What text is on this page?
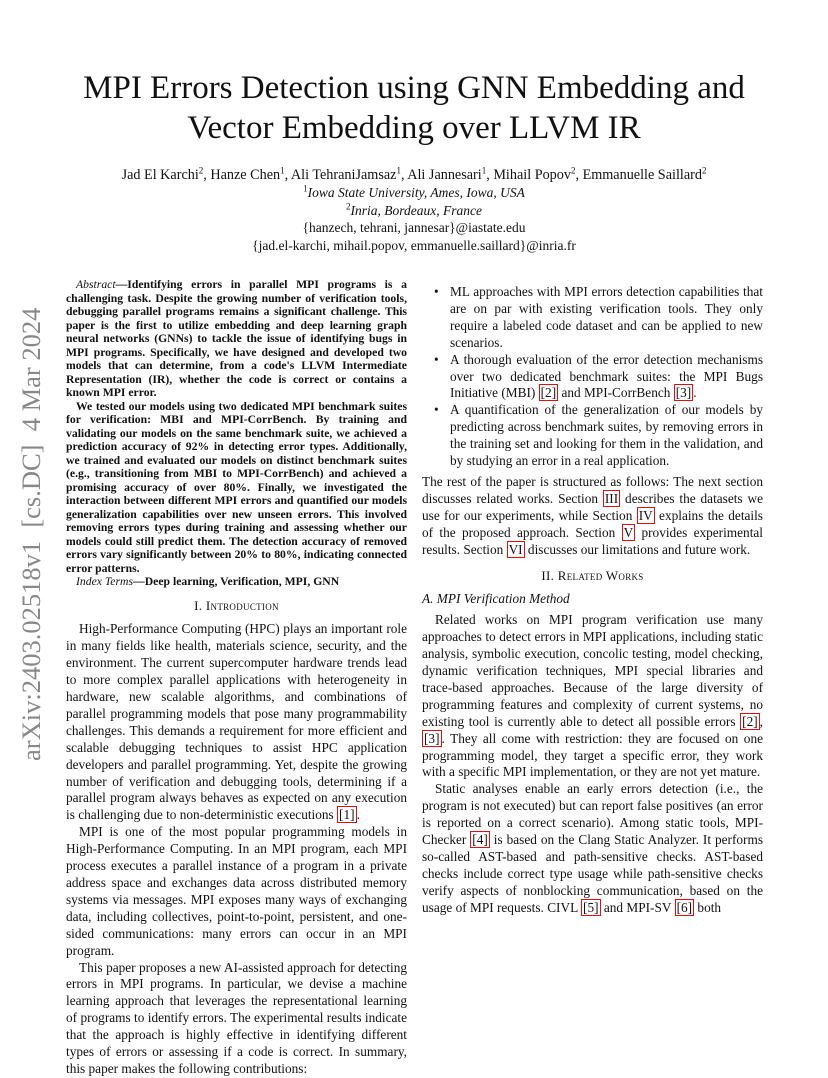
arXiv:2403.02518v1  [cs.DC]  4 Mar 2024
MPI Errors Detection using GNN Embedding and
Vector Embedding over LLVM IR
Jad El Karchi$^2$, Hanze Chen$^1$, Ali TehraniJamsaz$^1$, Ali Jannesari$^1$, Mihail Popov$^2$, Emmanuelle Saillard$^2$
$^1$Iowa State University, Ames, Iowa, USA
$^2$Inria, Bordeaux, France
{hanzech, tehrani, jannesar}@iastate.edu
{jad.el-karchi, mihail.popov, emmanuelle.saillard}@inria.fr

Abstract—Identifying errors in parallel MPI programs is a challenging task. Despite the growing number of verification tools, debugging parallel programs remains a significant challenge. This paper is the first to utilize embedding and deep learning graph neural networks (GNNs) to tackle the issue of identifying bugs in MPI programs. Specifically, we have designed and developed two models that can determine, from a code's LLVM Intermediate Representation (IR), whether the code is correct or contains a known MPI error.

We tested our models using two dedicated MPI benchmark suites for verification: MBI and MPI-CorrBench. By training and validating our models on the same benchmark suite, we achieved a prediction accuracy of 92% in detecting error types. Additionally, we trained and evaluated our models on distinct benchmark suites (e.g., transitioning from MBI to MPI-CorrBench) and achieved a promising accuracy of over 80%. Finally, we investigated the interaction between different MPI errors and quantified our models generalization capabilities over new unseen errors. This involved removing errors types during training and assessing whether our models could still predict them. The detection accuracy of removed errors vary significantly between 20% to 80%, indicating connected error patterns.

Index Terms—Deep learning, Verification, MPI, GNN

I. Introduction

High-Performance Computing (HPC) plays an important role in many fields like health, materials science, security, and the environment. The current supercomputer hardware trends lead to more complex parallel applications with heterogeneity in hardware, new scalable algorithms, and combinations of parallel programming models that pose many programmability challenges. This demands a requirement for more efficient and scalable debugging techniques to assist HPC application developers and parallel programming. Yet, despite the growing number of verification and debugging tools, determining if a parallel program always behaves as expected on any execution is challenging due to non-deterministic executions [1] .

MPI is one of the most popular programming models in High-Performance Computing. In an MPI program, each MPI process executes a parallel instance of a program in a private address space and exchanges data across distributed memory systems via messages. MPI exposes many ways of exchanging data, including collectives, point-to-point, persistent, and one-sided communications: many errors can occur in an MPI program.

This paper proposes a new AI-assisted approach for detecting errors in MPI programs. In particular, we devise a machine learning approach that leverages the representational learning of programs to identify errors. The experimental results indicate that the approach is highly effective in identifying different types of errors or assessing if a code is correct. In summary, this paper makes the following contributions:

• ML approaches with MPI errors detection capabilities that are on par with existing verification tools. They only require a labeled code dataset and can be applied to new scenarios.
• A thorough evaluation of the error detection mechanisms over two dedicated benchmark suites: the MPI Bugs Initiative (MBI) [2] and MPI-CorrBench [3] .
• A quantification of the generalization of our models by predicting across benchmark suites, by removing errors in the training set and looking for them in the validation, and by studying an error in a real application.

The rest of the paper is structured as follows: The next section discusses related works. Section III describes the datasets we use for our experiments, while Section IV explains the details of the proposed approach. Section V provides experimental results. Section VI discusses our limitations and future work.

II. Related Works
A. MPI Verification Method

Related works on MPI program verification use many approaches to detect errors in MPI applications, including static analysis, symbolic execution, concolic testing, model checking, dynamic verification techniques, MPI special libraries and trace-based approaches. Because of the large diversity of programming features and complexity of current systems, no existing tool is currently able to detect all possible errors [2] , [3] . They all come with restriction: they are focused on one programming model, they target a specific error, they work with a specific MPI implementation, or they are not yet mature.

Static analyses enable an early errors detection (i.e., the program is not executed) but can report false positives (an error is reported on a correct scenario). Among static tools, MPI-Checker [4] is based on the Clang Static Analyzer. It performs so-called AST-based and path-sensitive checks. AST-based checks include correct type usage while path-sensitive checks verify aspects of nonblocking communication, based on the usage of MPI requests. CIVL [5] and MPI-SV [6] both
